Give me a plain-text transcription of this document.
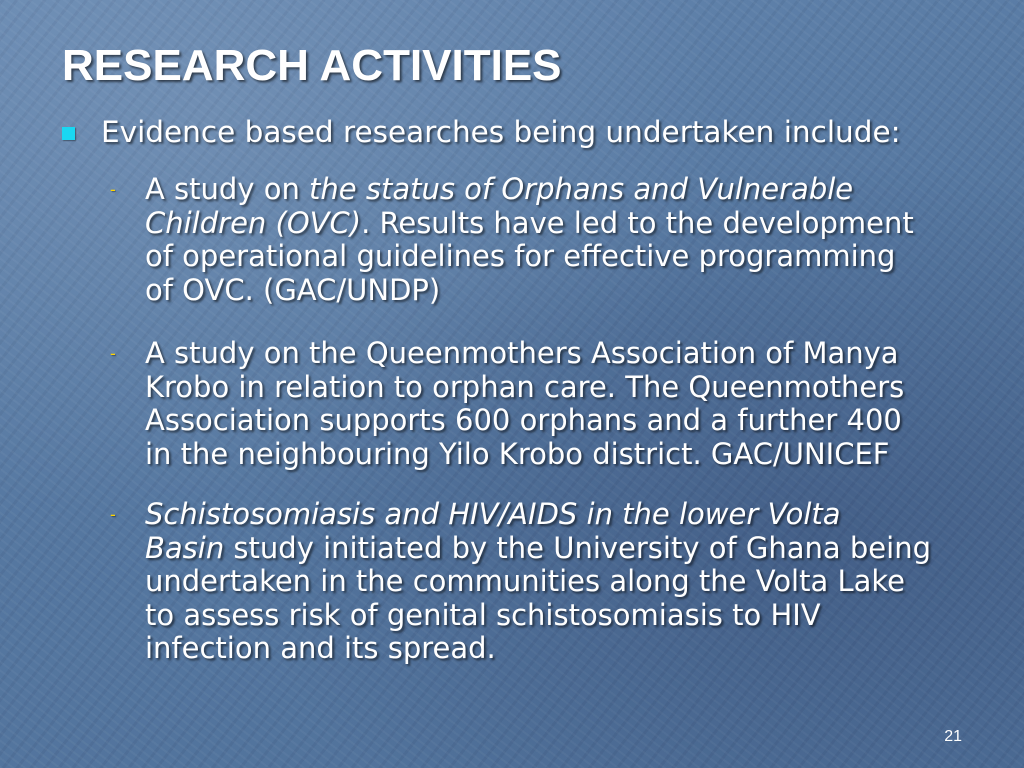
RESEARCH ACTIVITIES
Evidence based researches being undertaken include:
- A study on the status of Orphans and Vulnerable
Children (OVC). Results have led to the development
of operational guidelines for effective programming
of OVC. (GAC/UNDP)
- A study on the Queenmothers Association of Manya
Krobo in relation to orphan care. The Queenmothers
Association supports 600 orphans and a further 400
in the neighbouring Yilo Krobo district. GAC/UNICEF
- Schistosomiasis and HIV/AIDS in the lower Volta
Basin study initiated by the University of Ghana being
undertaken in the communities along the Volta Lake
to assess risk of genital schistosomiasis to HIV
infection and its spread.
21
